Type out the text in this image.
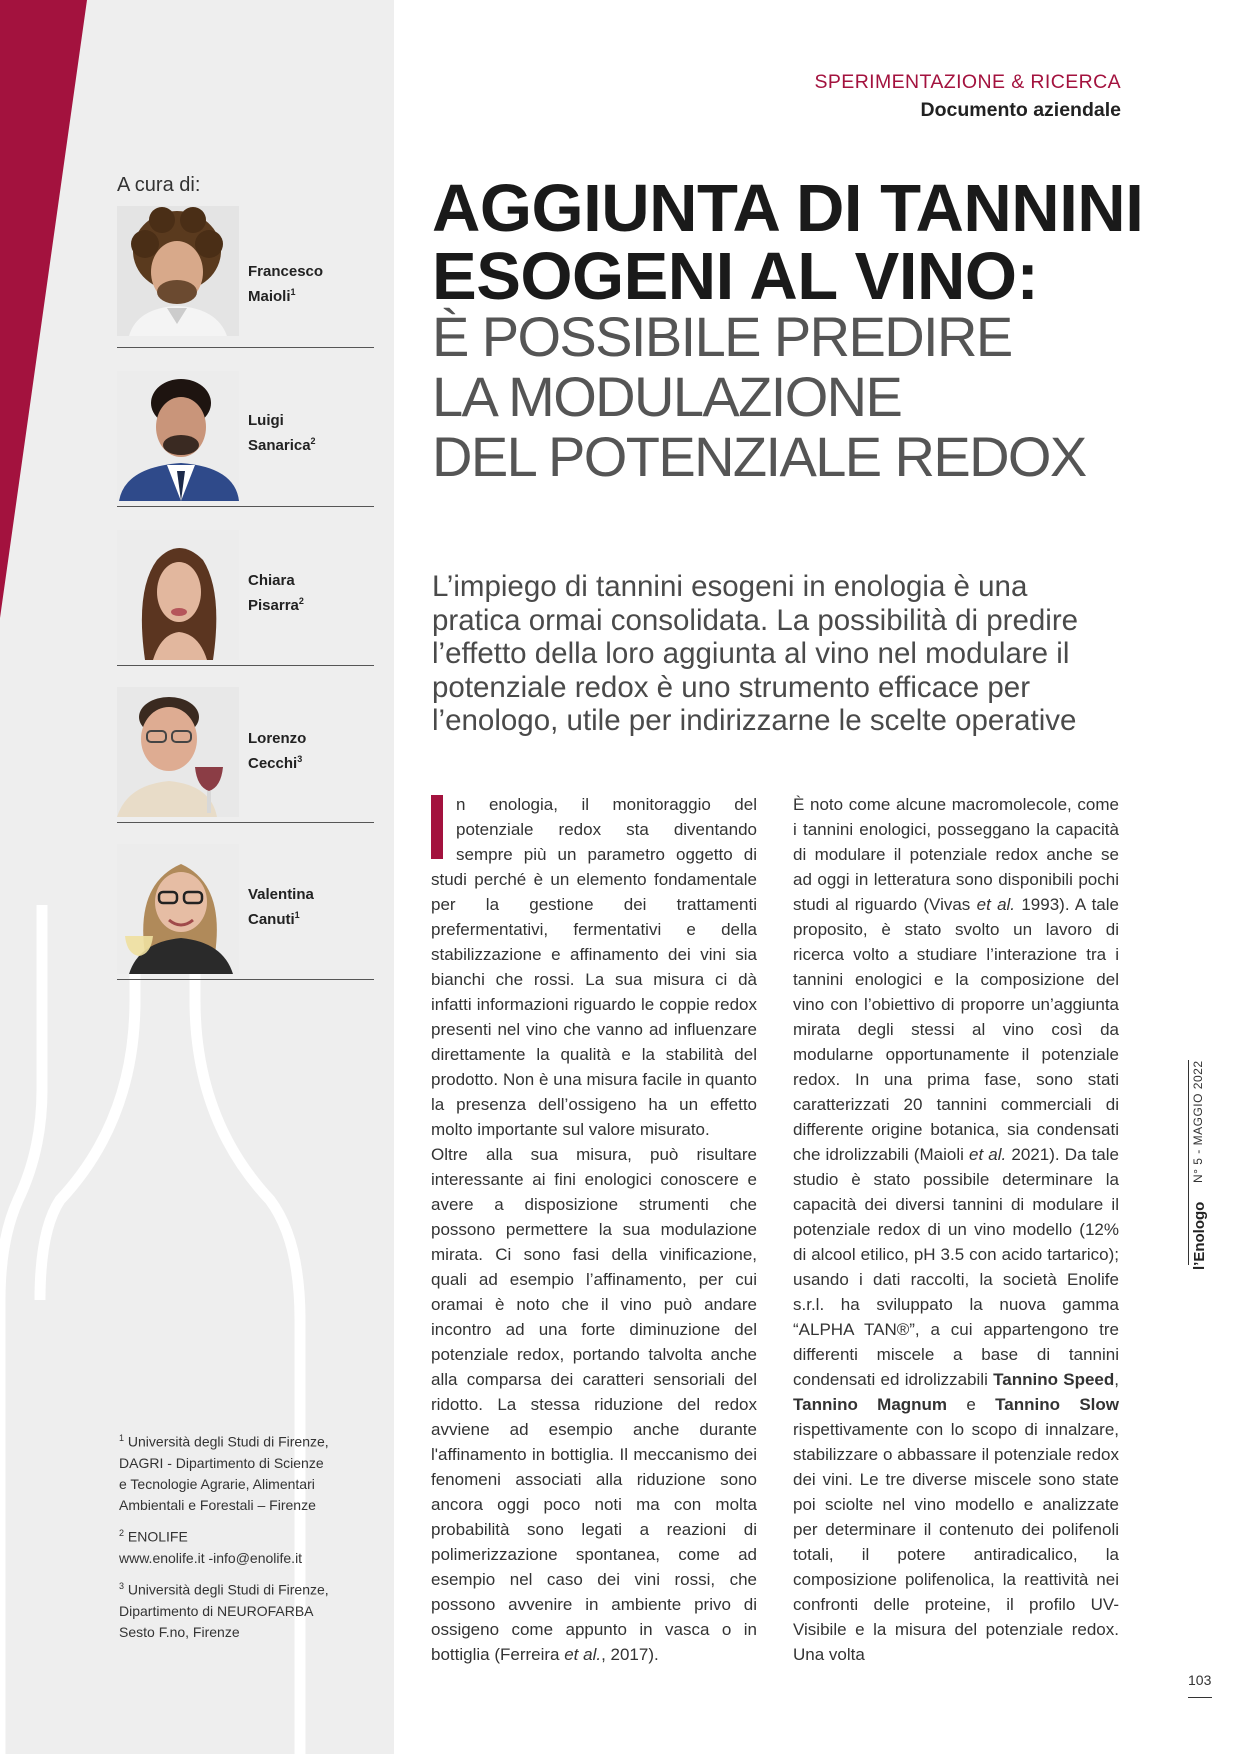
A cura di:
Francesco
Maioli$^1$
Luigi
Sanarica$^2$
Chiara
Pisarra$^2$
Lorenzo
Cecchi$^3$
Valentina
Canuti$^1$
$^1$ Università degli Studi di Firenze,
DAGRI - Dipartimento di Scienze
e Tecnologie Agrarie, Alimentari
Ambientali e Forestali – Firenze
$^2$ ENOLIFE
www.enolife.it -info@enolife.it
$^3$ Università degli Studi di Firenze,
Dipartimento di NEUROFARBA
Sesto F.no, Firenze
SPERIMENTAZIONE & RICERCA
Documento aziendale
AGGIUNTA DI TANNINI
ESOGENI AL VINO:
È POSSIBILE PREDIRE
LA MODULAZIONE
DEL POTENZIALE REDOX
L’impiego di tannini esogeni in enologia è una pratica ormai consolidata. La possibilità di predire l’effetto della loro aggiunta al vino nel modulare il potenziale redox è uno strumento efficace per l’enologo, utile per indirizzarne le scelte operative

n enologia, il monitoraggio del potenziale redox sta diventando sempre più un parametro oggetto di studi perché è un elemento fondamentale per la gestione dei trattamenti prefermentativi, fermentativi e della stabilizzazione e affinamento dei vini sia bianchi che rossi. La sua misura ci dà infatti informazioni riguardo le coppie redox presenti nel vino che vanno ad influenzare direttamente la qualità e la stabilità del prodotto. Non è una misura facile in quanto la presenza dell’ossigeno ha un effetto molto importante sul valore misurato.

Oltre alla sua misura, può risultare interessante ai fini enologici conoscere e avere a disposizione strumenti che possono permettere la sua modulazione mirata. Ci sono fasi della vinificazione, quali ad esempio l’affinamento, per cui oramai è noto che il vino può andare incontro ad una forte diminuzione del potenziale redox, portando talvolta anche alla comparsa dei caratteri sensoriali del ridotto. La stessa riduzione del redox avviene ad esempio anche durante l'affinamento in bottiglia. Il meccanismo dei fenomeni associati alla riduzione sono ancora oggi poco noti ma con molta probabilità sono legati a reazioni di polimerizzazione spontanea, come ad esempio nel caso dei vini rossi, che possono avvenire in ambiente privo di ossigeno come appunto in vasca o in bottiglia (Ferreira et al., 2017).

È noto come alcune macromolecole, come i tannini enologici, posseggano la capacità di modulare il potenziale redox anche se ad oggi in letteratura sono disponibili pochi studi al riguardo (Vivas et al. 1993). A tale proposito, è stato svolto un lavoro di ricerca volto a studiare l’interazione tra i tannini enologici e la composizione del vino con l’obiettivo di proporre un’aggiunta mirata degli stessi al vino così da modularne opportunamente il potenziale redox. In una prima fase, sono stati caratterizzati 20 tannini commerciali di differente origine botanica, sia condensati che idrolizzabili (Maioli et al. 2021). Da tale studio è stato possibile determinare la capacità dei diversi tannini di modulare il potenziale redox di un vino modello (12% di alcool etilico, pH 3.5 con acido tartarico); usando i dati raccolti, la società Enolife s.r.l. ha sviluppato la nuova gamma “ALPHA TAN®”, a cui appartengono tre differenti miscele a base di tannini condensati ed idrolizzabili Tannino Speed, Tannino Magnum e Tannino Slow rispettivamente con lo scopo di innalzare, stabilizzare o abbassare il potenziale redox dei vini. Le tre diverse miscele sono state poi sciolte nel vino modello e analizzate per determinare il contenuto dei polifenoli totali, il potere antiradicalico, la composizione polifenolica, la reattività nei confronti delle proteine, il profilo UV-Visibile e la misura del potenziale redox. Una volta

N° 5 - MAGGIO 2022
l’Enologo
103
